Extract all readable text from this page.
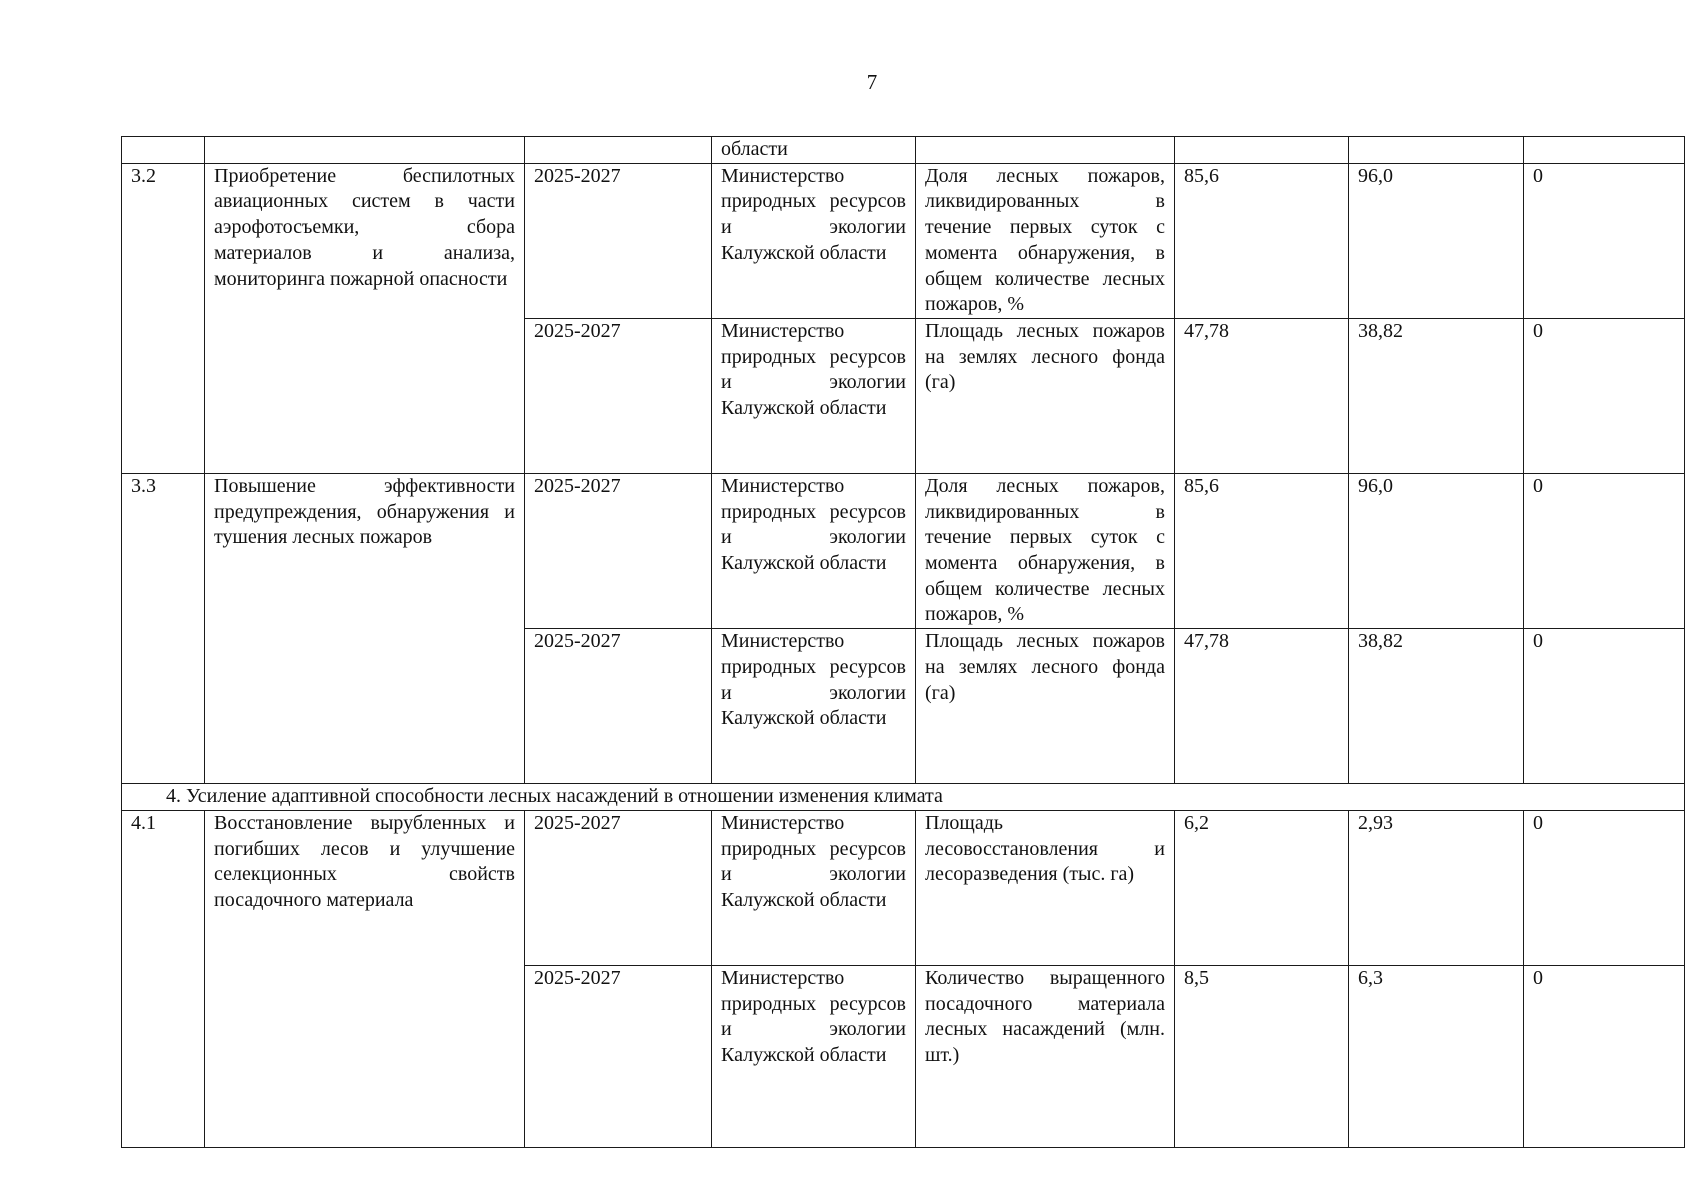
7
			области				
3.2	Приобретение беспилотных авиационных систем в части аэрофотосъемки, сбора материалов и анализа, мониторинга пожарной опасности	2025-2027	Министерство природных ресурсов и экологии Калужской области	Доля лесных пожаров, ликвидированных в течение первых суток с момента обнаружения, в общем количестве лесных пожаров, %	85,6	96,0	0
		2025-2027	Министерство природных ресурсов и экологии Калужской области	Площадь лесных пожаров на землях лесного фонда (га)	47,78	38,82	0
3.3	Повышение эффективности предупреждения, обнаружения и тушения лесных пожаров	2025-2027	Министерство природных ресурсов и экологии Калужской области	Доля лесных пожаров, ликвидированных в течение первых суток с момента обнаружения, в общем количестве лесных пожаров, %	85,6	96,0	0
		2025-2027	Министерство природных ресурсов и экологии Калужской области	Площадь лесных пожаров на землях лесного фонда (га)	47,78	38,82	0
4. Усиление адаптивной способности лесных насаждений в отношении изменения климата							
4.1	Восстановление вырубленных и погибших лесов и улучшение селекционных свойств посадочного материала	2025-2027	Министерство природных ресурсов и экологии Калужской области	Площадь лесовосстановления и лесоразведения (тыс. га)	6,2	2,93	0
		2025-2027	Министерство природных ресурсов и экологии Калужской области	Количество выращенного посадочного материала лесных насаждений (млн. шт.)	8,5	6,3	0
